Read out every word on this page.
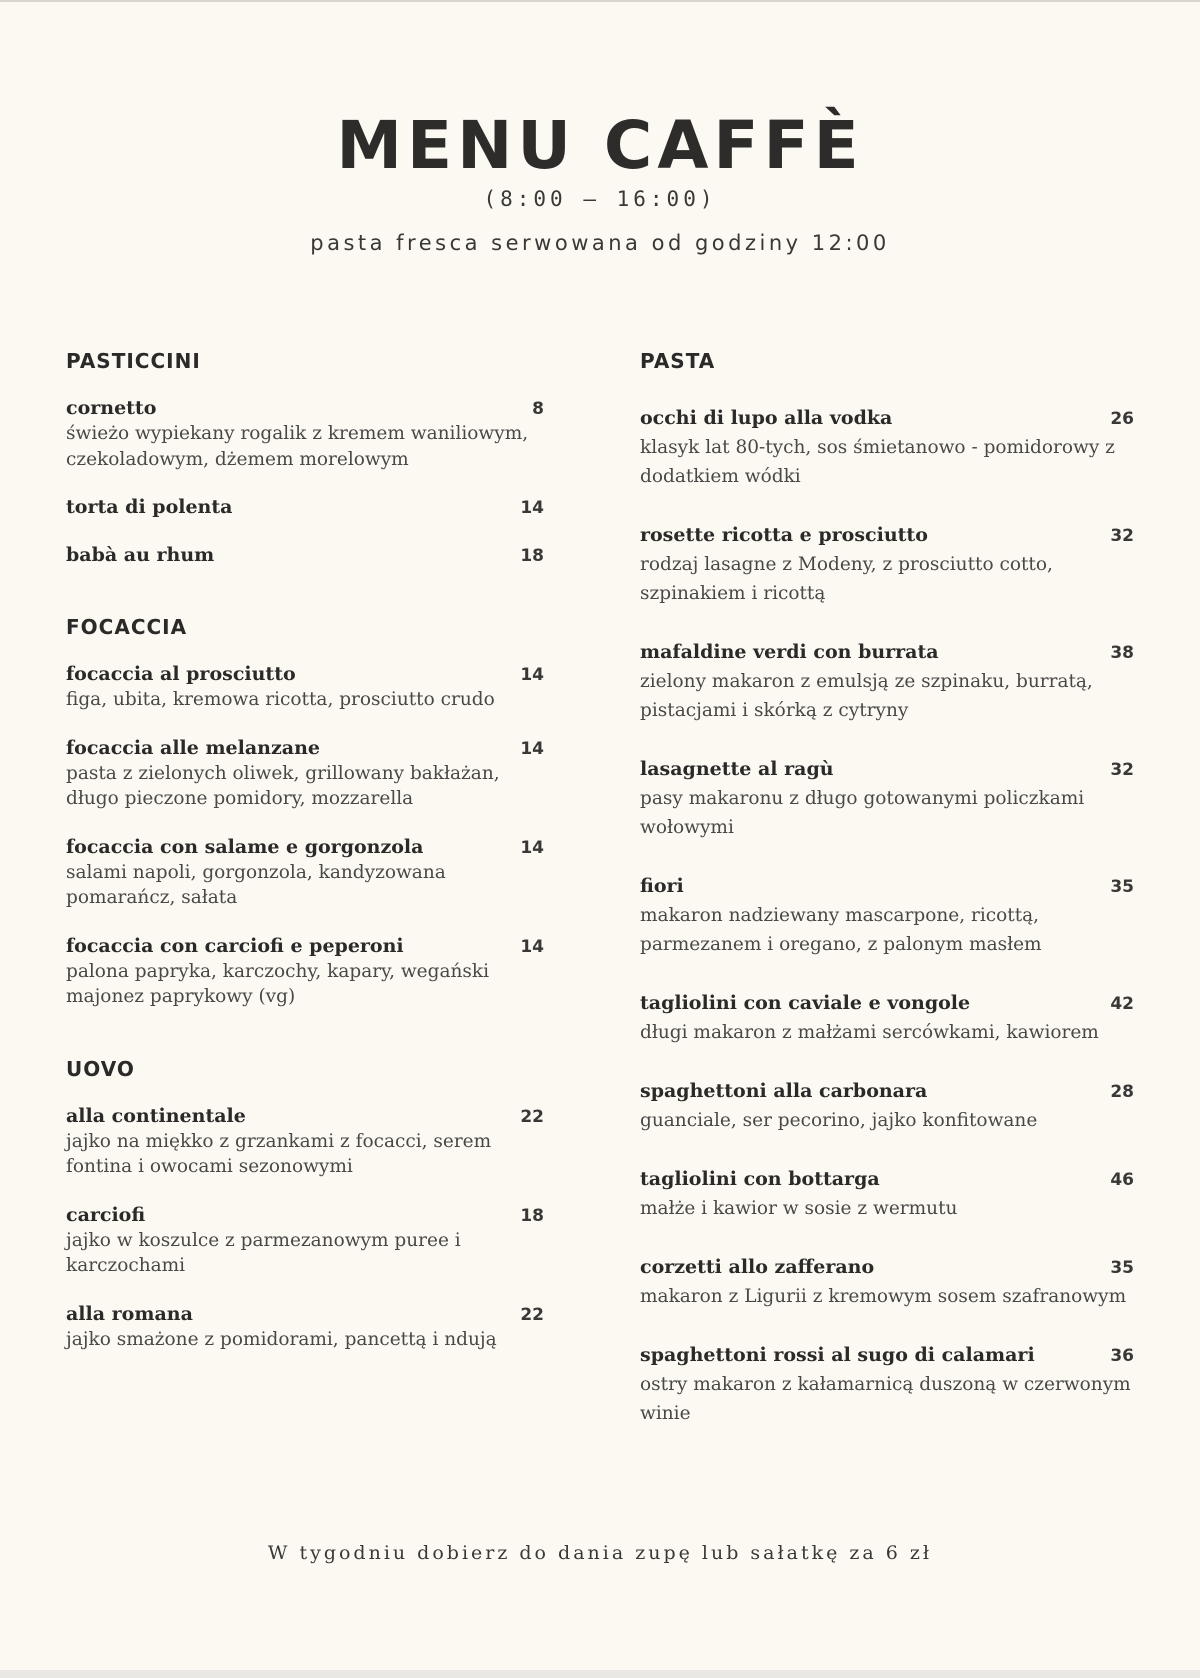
MENU CAFFÈ
(8:00 – 16:00)
pasta fresca serwowana od godziny 12:00
PASTICCINI
cornetto	8
świeżo wypiekany rogalik z kremem waniliowym, czekoladowym, dżemem morelowym
torta di polenta	14
babà au rhum	18
FOCACCIA
focaccia al prosciutto	14
figa, ubita, kremowa ricotta, prosciutto crudo
focaccia alle melanzane	14
pasta z zielonych oliwek, grillowany bakłażan, długo pieczone pomidory, mozzarella
focaccia con salame e gorgonzola	14
salami napoli, gorgonzola, kandyzowana pomarańcz, sałata
focaccia con carciofi e peperoni	14
palona papryka, karczochy, kapary, wegański majonez paprykowy (vg)
UOVO
alla continentale	22
jajko na miękko z grzankami z focacci, serem fontina i owocami sezonowymi
carciofi	18
jajko w koszulce z parmezanowym puree i karczochami
alla romana	22
jajko smażone z pomidorami, pancettą i ndują
PASTA
occhi di lupo alla vodka	26
klasyk lat 80-tych, sos śmietanowo - pomidorowy z dodatkiem wódki
rosette ricotta e prosciutto	32
rodzaj lasagne z Modeny, z prosciutto cotto, szpinakiem i ricottą
mafaldine verdi con burrata	38
zielony makaron z emulsją ze szpinaku, burratą, pistacjami i skórką z cytryny
lasagnette al ragù	32
pasy makaronu z długo gotowanymi policzkami wołowymi
fiori	35
makaron nadziewany mascarpone, ricottą, parmezanem i oregano, z palonym masłem
tagliolini con caviale e vongole	42
długi makaron z małżami sercówkami, kawiorem
spaghettoni alla carbonara	28
guanciale, ser pecorino, jajko konfitowane
tagliolini con bottarga	46
małże i kawior w sosie z wermutu
corzetti allo zafferano	35
makaron z Ligurii z kremowym sosem szafranowym
spaghettoni rossi al sugo di calamari	36
ostry makaron z kałamarnicą duszoną w czerwonym winie
W tygodniu dobierz do dania zupę lub sałatkę za 6 zł
